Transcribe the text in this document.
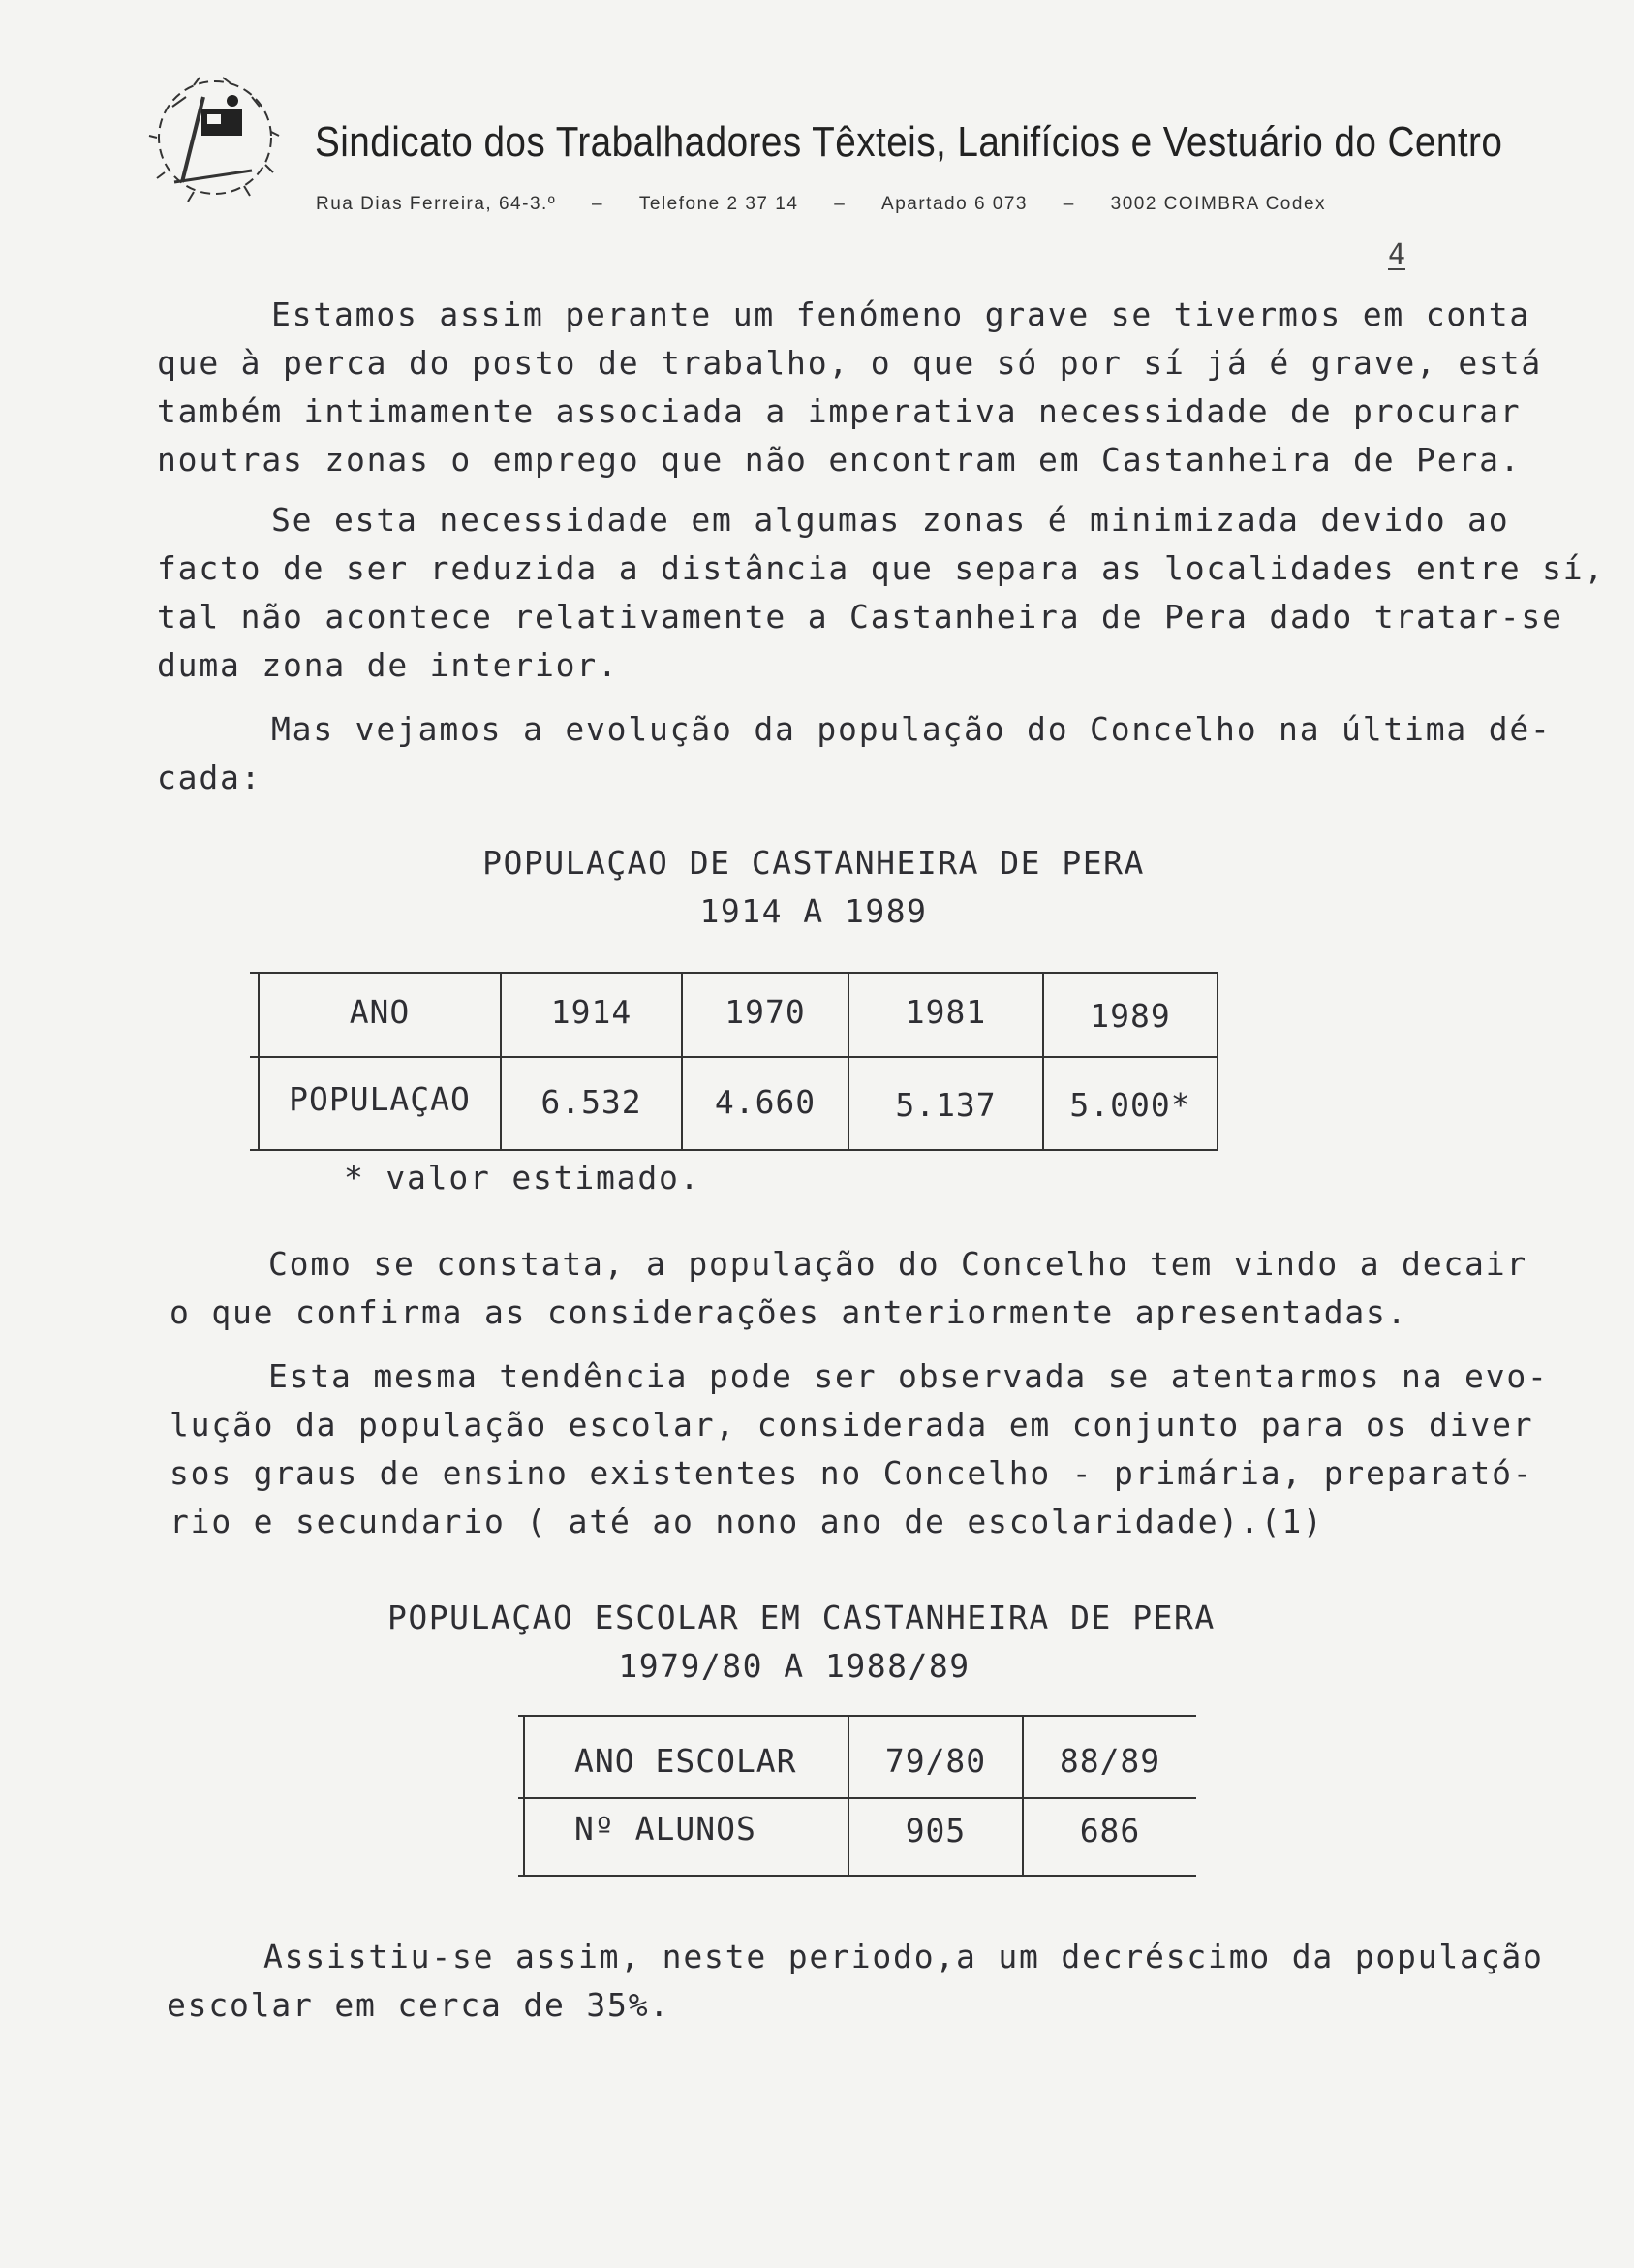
Sindicato dos Trabalhadores Têxteis, Lanifícios e Vestuário do Centro
Rua Dias Ferreira, 64-3.º – Telefone 2 37 14 – Apartado 6 073 – 3002 COIMBRA Codex
4
Estamos assim perante um fenómeno grave se tivermos em conta
que à perca do posto de trabalho, o que só por sí já é grave, está
também intimamente associada a imperativa necessidade de procurar
noutras zonas o emprego que não encontram em Castanheira de Pera.
Se esta necessidade em algumas zonas é minimizada devido ao
facto de ser reduzida a distância que separa as localidades entre sí,
tal não acontece relativamente a Castanheira de Pera dado tratar-se
duma zona de interior.
Mas vejamos a evolução da população do Concelho na última dé-
cada:
POPULAÇAO DE CASTANHEIRA DE PERA
1914 A 1989
ANO	1914	1970	1981	1989
POPULAÇAO	6.532	4.660	5.137	5.000*
* valor estimado.
Como se constata, a população do Concelho tem vindo a decair
o que confirma as considerações anteriormente apresentadas.
Esta mesma tendência pode ser observada se atentarmos na evo-
lução da população escolar, considerada em conjunto para os diver
sos graus de ensino existentes no Concelho - primária, preparató-
rio e secundario ( até ao nono ano de escolaridade).(1)
POPULAÇAO ESCOLAR EM CASTANHEIRA DE PERA
1979/80 A 1988/89
ANO ESCOLAR	79/80	88/89
Nº ALUNOS	905	686
Assistiu-se assim, neste periodo,a um decréscimo da população
escolar em cerca de 35%.
